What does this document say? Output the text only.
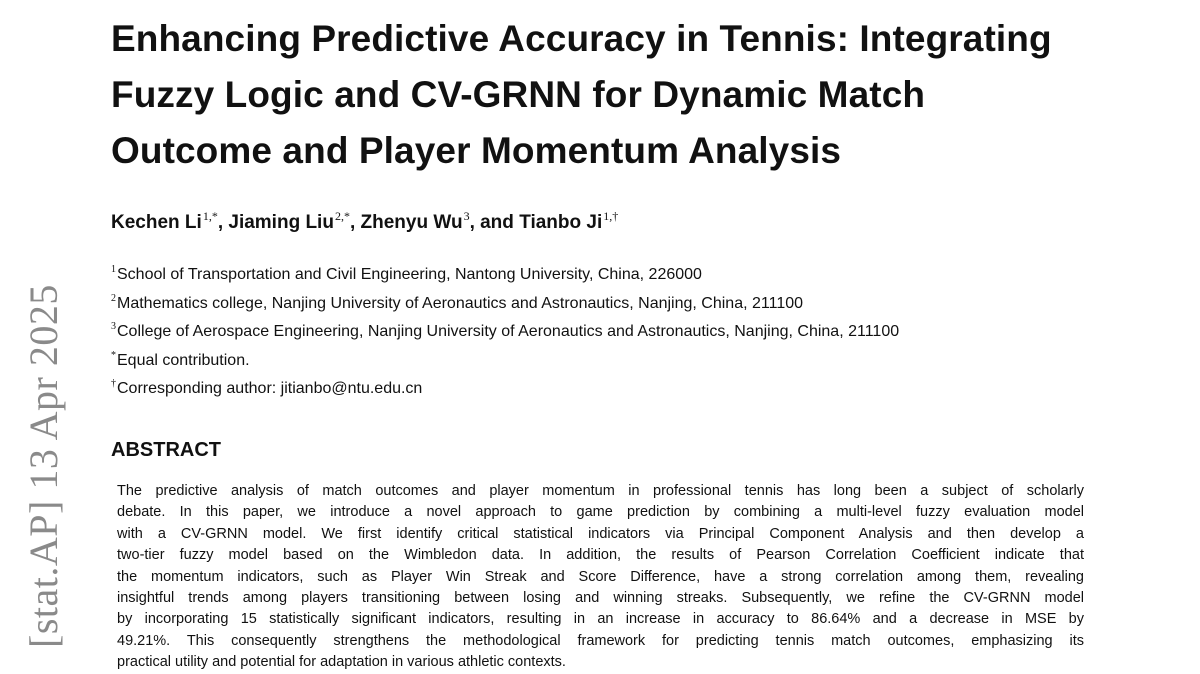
[stat.AP] 13 Apr 2025
Enhancing Predictive Accuracy in Tennis: Integrating
Fuzzy Logic and CV-GRNN for Dynamic Match
Outcome and Player Momentum Analysis
Kechen $Li^{1,*}$, Jiaming Liu$^{2,*}$, Zhenyu Wu$^3$, and Tianbo $Ji^{1,\dagger}$
$^1$School of Transportation and Civil Engineering, Nantong University, China, 226000
$^2$Mathematics college, Nanjing University of Aeronautics and Astronautics, Nanjing, China, 211100
$^3$College of Aerospace Engineering, Nanjing University of Aeronautics and Astronautics, Nanjing, China, 211100
*Equal contribution.
†Corresponding author: jitianbo@ntu.edu.cn
ABSTRACT
The predictive analysis of match outcomes and player momentum in professional tennis has long been a subject of scholarly
debate. In this paper, we introduce a novel approach to game prediction by combining a multi-level fuzzy evaluation model
with a CV-GRNN model. We first identify critical statistical indicators via Principal Component Analysis and then develop a
two-tier fuzzy model based on the Wimbledon data. In addition, the results of Pearson Correlation Coefficient indicate that
the momentum indicators, such as Player Win Streak and Score Difference, have a strong correlation among them, revealing
insightful trends among players transitioning between losing and winning streaks. Subsequently, we refine the CV-GRNN model
by incorporating 15 statistically significant indicators, resulting in an increase in accuracy to 86.64% and a decrease in MSE by
49.21%. This consequently strengthens the methodological framework for predicting tennis match outcomes, emphasizing its
practical utility and potential for adaptation in various athletic contexts.
